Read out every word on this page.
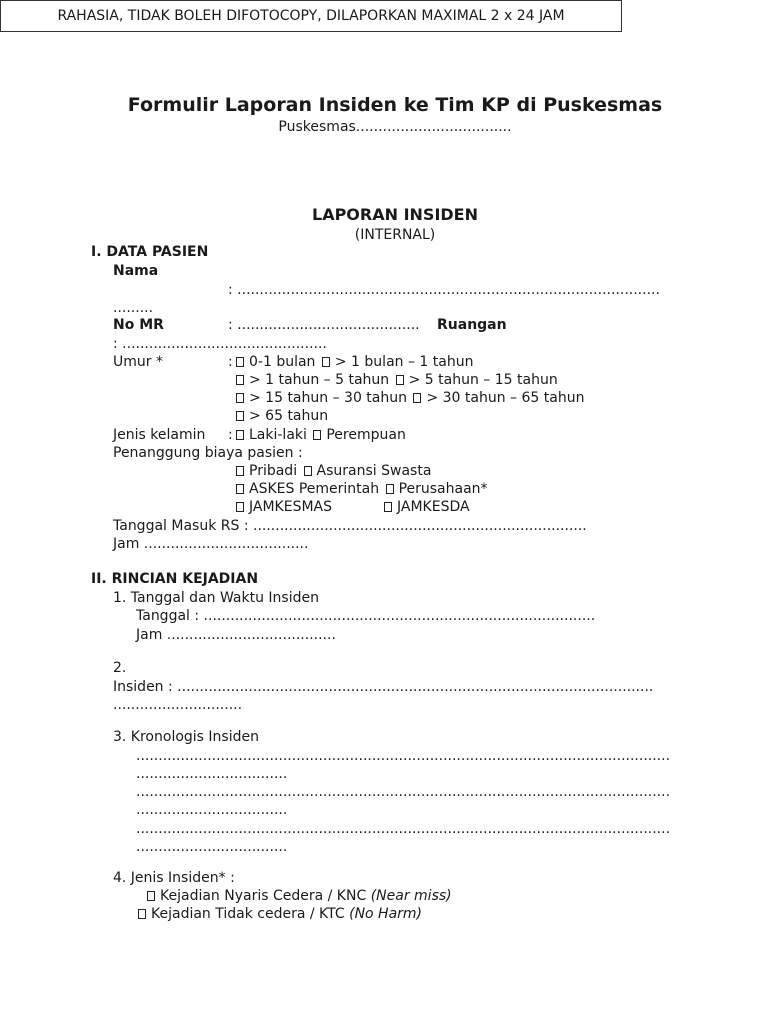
Formulir Laporan Insiden ke Tim KP di Puskesmas
Puskesmas...................................
RAHASIA, TIDAK BOLEH DIFOTOCOPY, DILAPORKAN MAXIMAL 2 x 24 JAM
LAPORAN INSIDEN
(INTERNAL)
I. DATA PASIEN
Nama
: ...............................................................................................
.........
No MR	: ......................................... Ruangan
: ..............................................
Umur *	:	0-1 bulan > 1 bulan – 1 tahun
> 1 tahun – 5 tahun > 5 tahun – 15 tahun
> 15 tahun – 30 tahun > 30 tahun – 65 tahun
> 65 tahun
Jenis kelamin :	Laki-laki Perempuan
Penanggung biaya pasien :
Pribadi Asuransi Swasta
ASKES Pemerintah Perusahaan*
JAMKESMAS	JAMKESDA
Tanggal Masuk RS : ...........................................................................
Jam .....................................
II. RINCIAN KEJADIAN
1. Tanggal dan Waktu Insiden
Tanggal : ........................................................................................
Jam ......................................
2.
Insiden : ...........................................................................................................
.............................
3. Kronologis Insiden
........................................................................................................................
..................................
........................................................................................................................
..................................
........................................................................................................................
..................................
4. Jenis Insiden* :
Kejadian Nyaris Cedera / KNC (Near miss)
Kejadian Tidak cedera / KTC (No Harm)
